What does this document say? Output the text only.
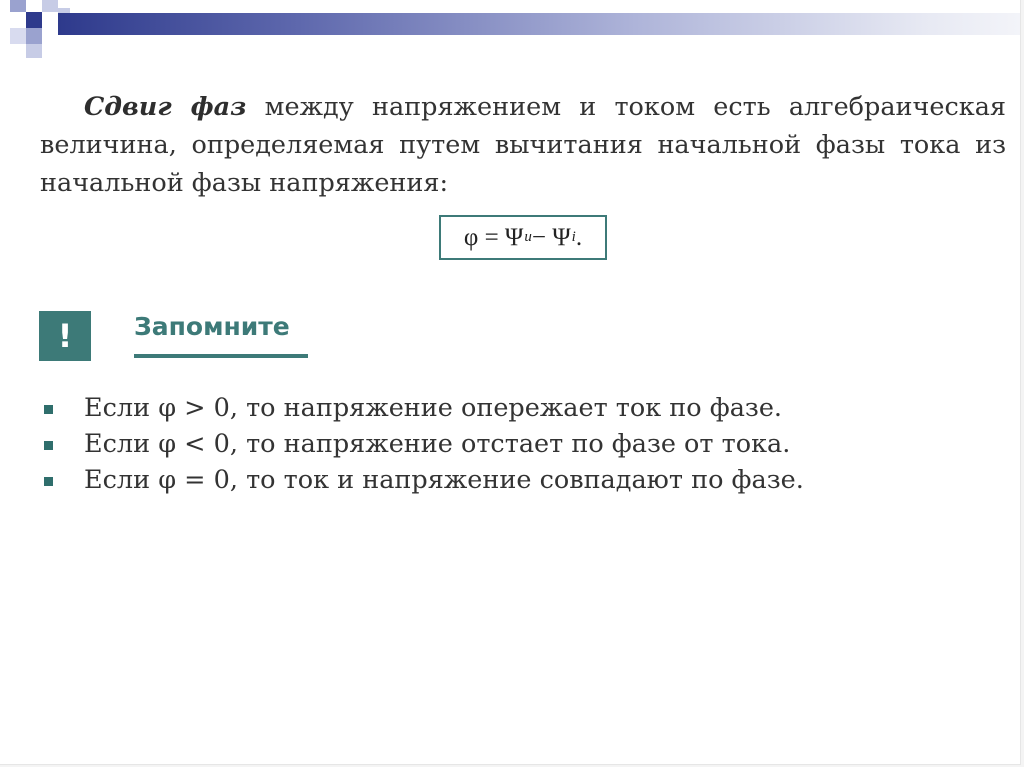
Сдвиг фаз между напряжением и током есть алгебраическая величина, определяемая путем вычитания начальной фазы тока из начальной фазы напряжения:

φ = Ψ u − Ψ i .
!	Запомните
Если φ > 0, то напряжение опережает ток по фазе.
Если φ < 0, то напряжение отстает по фазе от тока.
Если φ = 0, то ток и напряжение совпадают по фазе.
